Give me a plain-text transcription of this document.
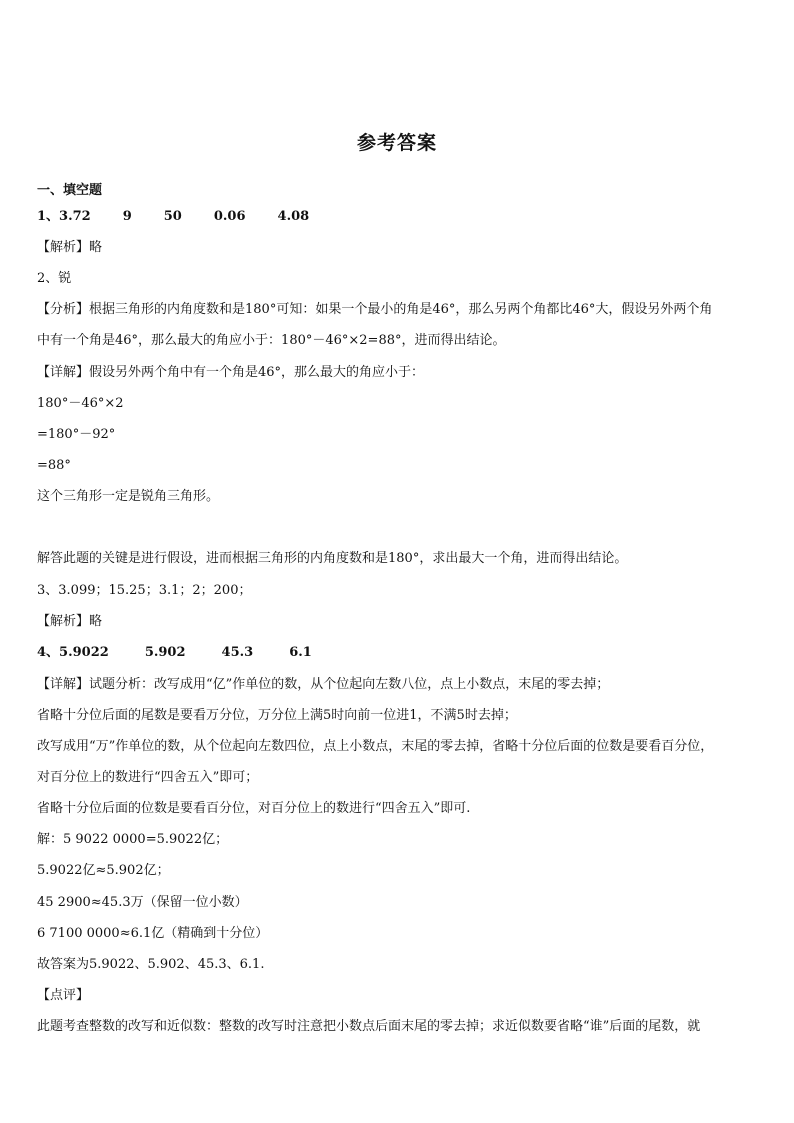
参考答案
一、填空题
1、3.72 9 50 0.06 4.08
【解析】略
2、锐
【分析】根据三角形的内角度数和是180°可知：如果一个最小的角是46°，那么另两个角都比46°大，假设另外两个角
中有一个角是46°，那么最大的角应小于：180°－46°×2=88°，进而得出结论。
【详解】假设另外两个角中有一个角是46°，那么最大的角应小于：
180°－46°×2
=180°－92°
=88°
这个三角形一定是锐角三角形。
解答此题的关键是进行假设，进而根据三角形的内角度数和是180°，求出最大一个角，进而得出结论。
3、3.099；15.25；3.1；2；200；
【解析】略
4、5.9022	5.902	45.3	6.1
【详解】试题分析：改写成用“亿”作单位的数，从个位起向左数八位，点上小数点，末尾的零去掉；
省略十分位后面的尾数是要看万分位，万分位上满5时向前一位进1，不满5时去掉；
改写成用“万”作单位的数，从个位起向左数四位，点上小数点，末尾的零去掉，省略十分位后面的位数是要看百分位，
对百分位上的数进行“四舍五入”即可；
省略十分位后面的位数是要看百分位，对百分位上的数进行“四舍五入”即可.
解：5 9022 0000=5.9022亿；
5.9022亿≈5.902亿；
45 2900≈45.3万（保留一位小数）
6 7100 0000≈6.1亿（精确到十分位）
故答案为5.9022、5.902、45.3、6.1.
【点评】
此题考查整数的改写和近似数：整数的改写时注意把小数点后面末尾的零去掉；求近似数要省略“谁”后面的尾数，就
